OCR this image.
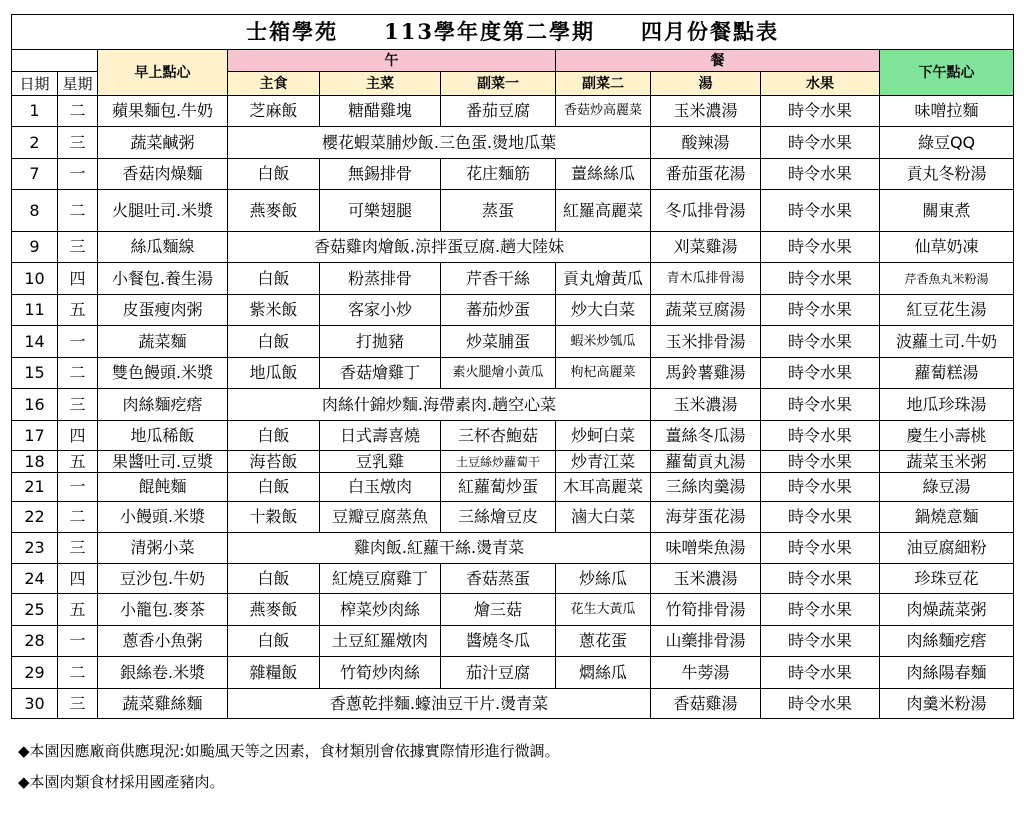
士箱學苑　　113學年度第二學期　　四月份餐點表									
		早上點心	午			餐			下午點心
日期	星期		主食	主菜	副菜一	副菜二	湯	水果	
1	二	蘋果麵包.牛奶	芝麻飯	糖醋雞塊	番茄豆腐	香菇炒高麗菜	玉米濃湯	時令水果	味噌拉麵
2	三	蔬菜鹹粥	櫻花蝦菜脯炒飯.三色蛋.燙地瓜葉				酸辣湯	時令水果	綠豆QQ
7	一	香菇肉燥麵	白飯	無錫排骨	花庄麵筋	薑絲絲瓜	番茄蛋花湯	時令水果	貢丸冬粉湯
8	二	火腿吐司.米漿	燕麥飯	可樂翅腿	蒸蛋	紅羅高麗菜	冬瓜排骨湯	時令水果	關東煮
9	三	絲瓜麵線	香菇雞肉燴飯.涼拌蛋豆腐.趟大陸妹				刈菜雞湯	時令水果	仙草奶凍
10	四	小餐包.養生湯	白飯	粉蒸排骨	芹香干絲	貢丸燴黃瓜	青木瓜排骨湯	時令水果	芹香魚丸米粉湯
11	五	皮蛋瘦肉粥	紫米飯	客家小炒	蕃茄炒蛋	炒大白菜	蔬菜豆腐湯	時令水果	紅豆花生湯
14	一	蔬菜麵	白飯	打拋豬	炒菜脯蛋	蝦米炒瓠瓜	玉米排骨湯	時令水果	波蘿土司.牛奶
15	二	雙色饅頭.米漿	地瓜飯	香菇燴雞丁	素火腿燴小黃瓜	枸杞高麗菜	馬鈴薯雞湯	時令水果	蘿蔔糕湯
16	三	肉絲麵疙瘩	肉絲什錦炒麵.海帶素肉.趟空心菜				玉米濃湯	時令水果	地瓜珍珠湯
17	四	地瓜稀飯	白飯	日式壽喜燒	三杯杏鮑菇	炒蚵白菜	薑絲冬瓜湯	時令水果	慶生小壽桃
18	五	果醬吐司.豆漿	海苔飯	豆乳雞	土豆絲炒蘿蔔干	炒青江菜	蘿蔔貢丸湯	時令水果	蔬菜玉米粥
21	一	餛飩麵	白飯	白玉燉肉	紅蘿蔔炒蛋	木耳高麗菜	三絲肉羹湯	時令水果	綠豆湯
22	二	小饅頭.米漿	十穀飯	豆瓣豆腐蒸魚	三絲燴豆皮	滷大白菜	海芽蛋花湯	時令水果	鍋燒意麵
23	三	清粥小菜	雞肉飯.紅蘿干絲.燙青菜				味噌柴魚湯	時令水果	油豆腐細粉
24	四	豆沙包.牛奶	白飯	紅燒豆腐雞丁	香菇蒸蛋	炒絲瓜	玉米濃湯	時令水果	珍珠豆花
25	五	小籠包.麥茶	燕麥飯	榨菜炒肉絲	燴三菇	花生大黃瓜	竹筍排骨湯	時令水果	肉燥蔬菜粥
28	一	蔥香小魚粥	白飯	土豆紅羅燉肉	醬燒冬瓜	蔥花蛋	山藥排骨湯	時令水果	肉絲麵疙瘩
29	二	銀絲卷.米漿	雜糧飯	竹筍炒肉絲	茄汁豆腐	燜絲瓜	牛蒡湯	時令水果	肉絲陽春麵
30	三	蔬菜雞絲麵	香蔥乾拌麵.蠔油豆干片.燙青菜				香菇雞湯	時令水果	肉羹米粉湯
◆本園因應廠商供應現況:如颱風天等之因素，食材類別會依據實際情形進行微調。
◆本園肉類食材採用國產豬肉。
